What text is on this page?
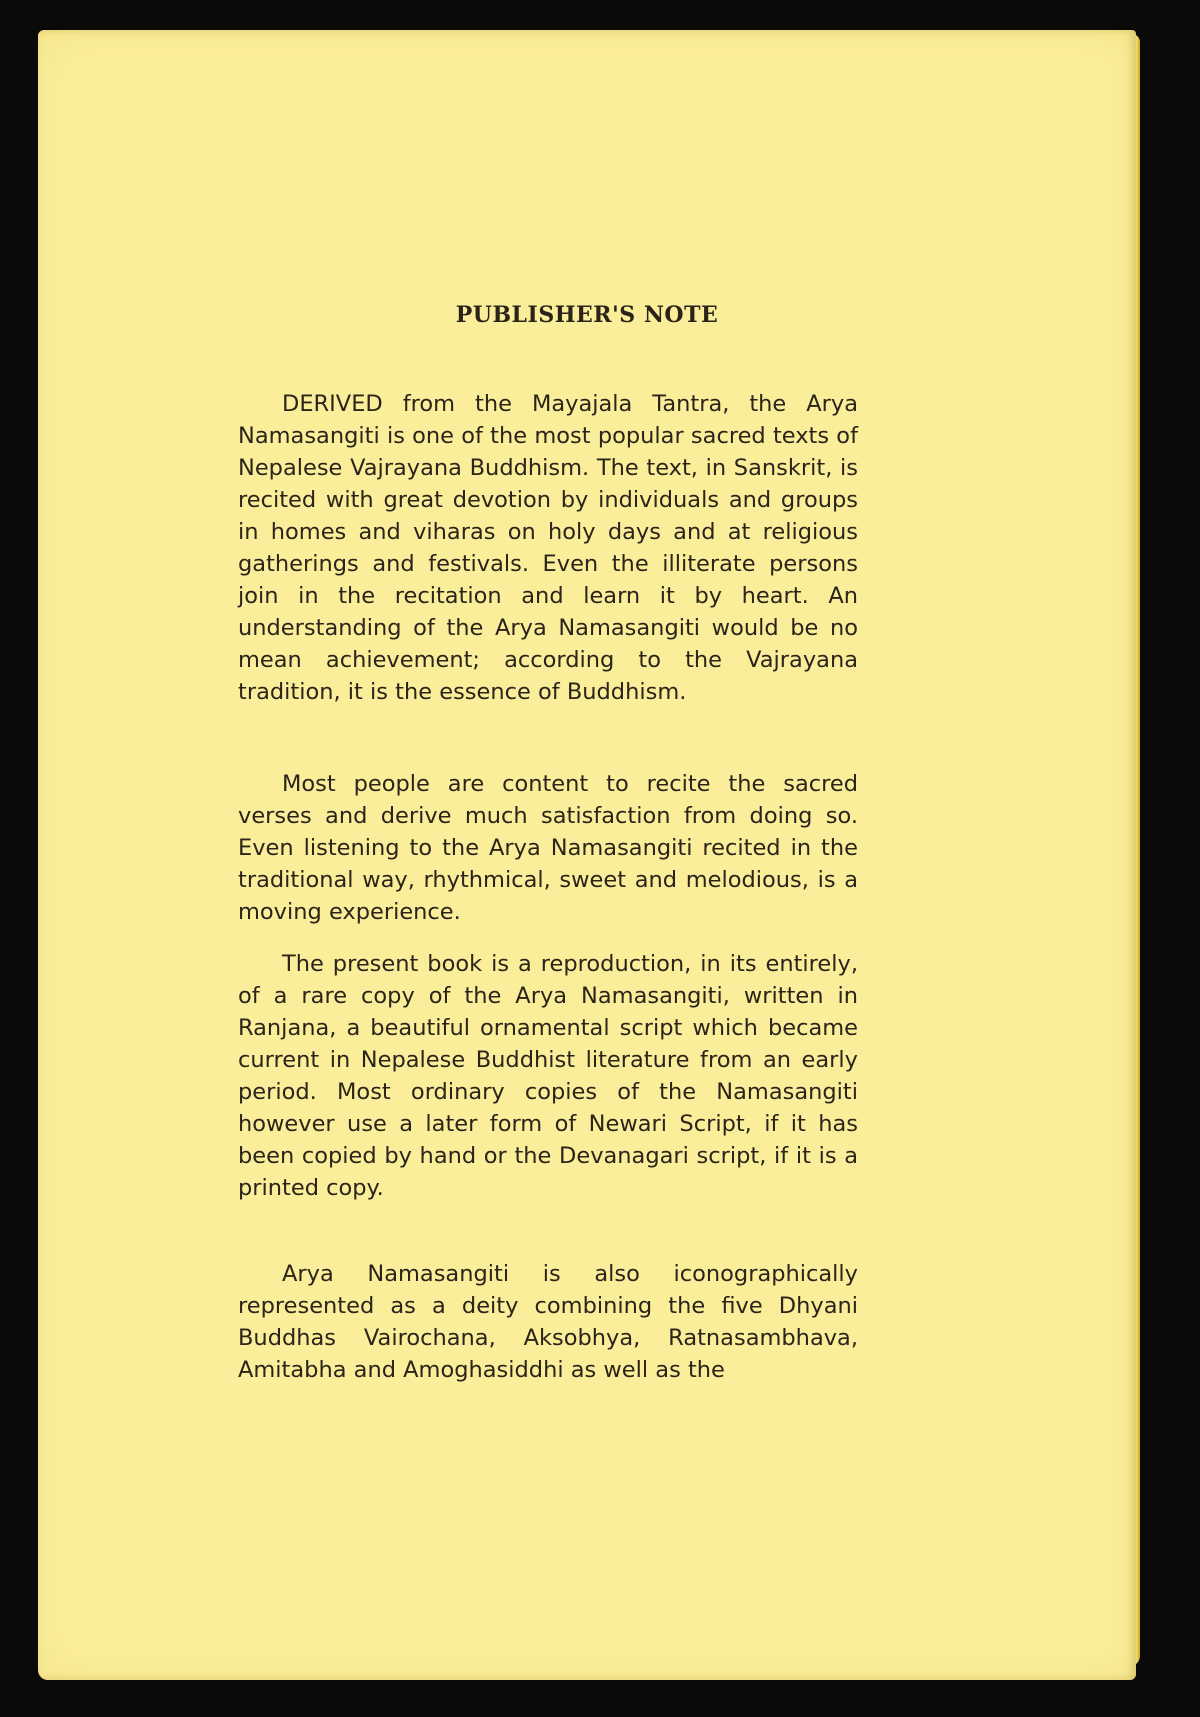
PUBLISHER'S NOTE

DERIVED from the Mayajala Tantra, the Arya Namasangiti is one of the most popular sacred texts of Nepalese Vajrayana Buddhism. The text, in Sanskrit, is recited with great devotion by individuals and groups in homes and viharas on holy days and at religious gatherings and festivals. Even the illiterate persons join in the recitation and learn it by heart. An understanding of the Arya Namasangiti would be no mean achievement; according to the Vajrayana tradition, it is the essence of Buddhism.

Most people are content to recite the sacred verses and derive much satisfaction from doing so. Even listening to the Arya Namasangiti recited in the traditional way, rhythmical, sweet and melodious, is a moving experience.

The present book is a reproduction, in its entirely, of a rare copy of the Arya Namasangiti, written in Ranjana, a beautiful ornamental script which became current in Nepalese Buddhist literature from an early period. Most ordinary copies of the Namasangiti however use a later form of Newari Script, if it has been copied by hand or the Devanagari script, if it is a printed copy.

Arya Namasangiti is also iconographically represented as a deity combining the five Dhyani Buddhas Vairochana, Aksobhya, Ratnasambhava, Amitabha and Amoghasiddhi as well as the
